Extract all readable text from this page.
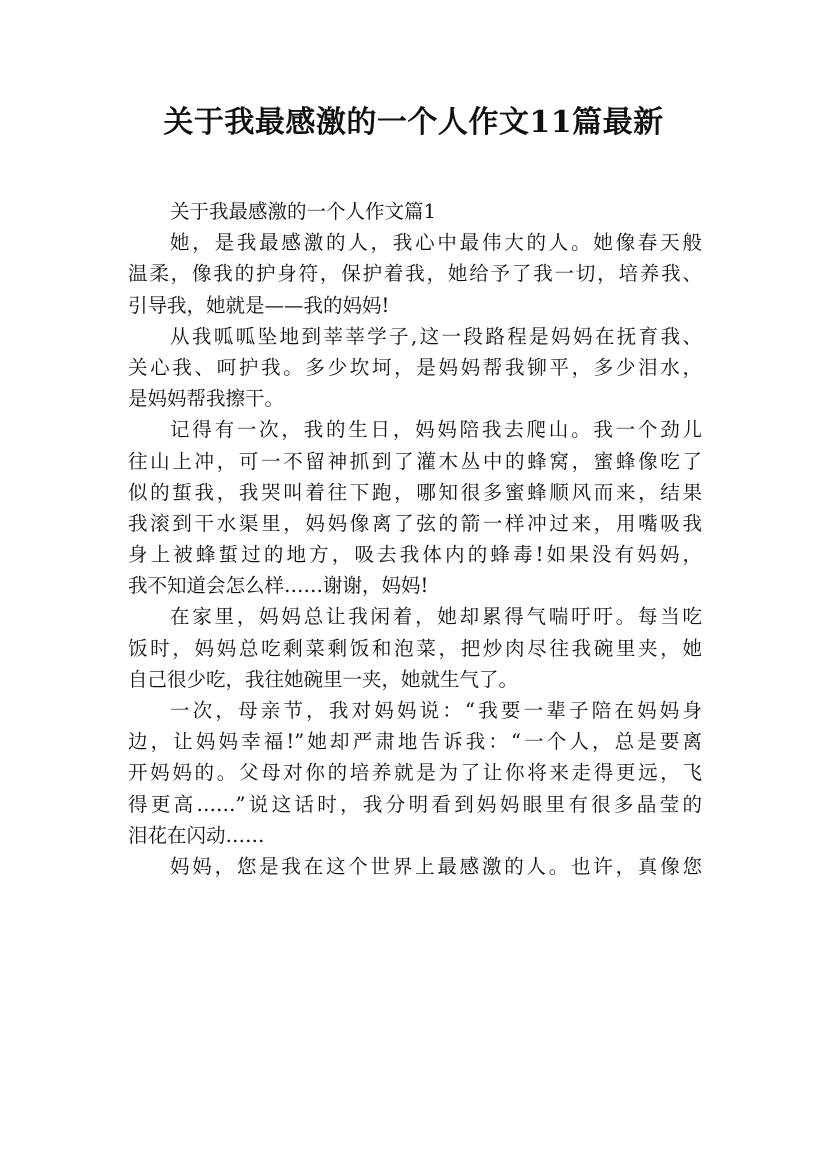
关于我最感激的一个人作文11篇最新
关于我最感激的一个人作文篇1
她，是我最感激的人，我心中最伟大的人。她像春天般
温柔，像我的护身符，保护着我，她给予了我一切，培养我、
引导我，她就是——我的妈妈!
从我呱呱坠地到莘莘学子,这一段路程是妈妈在抚育我、
关心我、呵护我。多少坎坷，是妈妈帮我铆平，多少泪水，
是妈妈帮我擦干。
记得有一次，我的生日，妈妈陪我去爬山。我一个劲儿
往山上冲，可一不留神抓到了灌木丛中的蜂窝，蜜蜂像吃了
似的蜇我，我哭叫着往下跑，哪知很多蜜蜂顺风而来，结果
我滚到干水渠里，妈妈像离了弦的箭一样冲过来，用嘴吸我
身上被蜂蜇过的地方，吸去我体内的蜂毒!如果没有妈妈，
我不知道会怎么样……谢谢，妈妈!
在家里，妈妈总让我闲着，她却累得气喘吁吁。每当吃
饭时，妈妈总吃剩菜剩饭和泡菜，把炒肉尽往我碗里夹，她
自己很少吃，我往她碗里一夹，她就生气了。
一次，母亲节，我对妈妈说：“我要一辈子陪在妈妈身
边，让妈妈幸福!”她却严肃地告诉我：“一个人，总是要离
开妈妈的。父母对你的培养就是为了让你将来走得更远，飞
得更高……”说这话时，我分明看到妈妈眼里有很多晶莹的
泪花在闪动……
妈妈，您是我在这个世界上最感激的人。也许，真像您
